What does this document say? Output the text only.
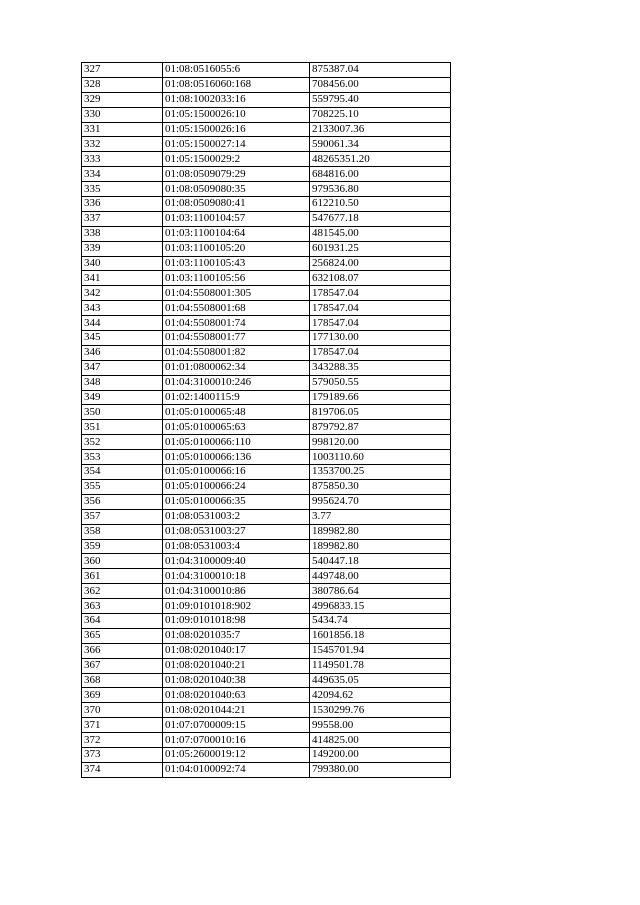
327	01:08:0516055:6	875387.04
328	01:08:0516060:168	708456.00
329	01:08:1002033:16	559795.40
330	01:05:1500026:10	708225.10
331	01:05:1500026:16	2133007.36
332	01:05:1500027:14	590061.34
333	01:05:1500029:2	48265351.20
334	01:08:0509079:29	684816.00
335	01:08:0509080:35	979536.80
336	01:08:0509080:41	612210.50
337	01:03:1100104:57	547677.18
338	01:03:1100104:64	481545.00
339	01:03:1100105:20	601931.25
340	01:03:1100105:43	256824.00
341	01:03:1100105:56	632108.07
342	01:04:5508001:305	178547.04
343	01:04:5508001:68	178547.04
344	01:04:5508001:74	178547.04
345	01:04:5508001:77	177130.00
346	01:04:5508001:82	178547.04
347	01:01:0800062:34	343288.35
348	01:04:3100010:246	579050.55
349	01:02:1400115:9	179189.66
350	01:05:0100065:48	819706.05
351	01:05:0100065:63	879792.87
352	01:05:0100066:110	998120.00
353	01:05:0100066:136	1003110.60
354	01:05:0100066:16	1353700.25
355	01:05:0100066:24	875850.30
356	01:05:0100066:35	995624.70
357	01:08:0531003:2	3.77
358	01:08:0531003:27	189982.80
359	01:08:0531003:4	189982.80
360	01:04:3100009:40	540447.18
361	01:04:3100010:18	449748.00
362	01:04:3100010:86	380786.64
363	01:09:0101018:902	4996833.15
364	01:09:0101018:98	5434.74
365	01:08:0201035:7	1601856.18
366	01:08:0201040:17	1545701.94
367	01:08:0201040:21	1149501.78
368	01:08:0201040:38	449635.05
369	01:08:0201040:63	42094.62
370	01:08:0201044:21	1530299.76
371	01:07:0700009:15	99558.00
372	01:07:0700010:16	414825.00
373	01:05:2600019:12	149200.00
374	01:04:0100092:74	799380.00
